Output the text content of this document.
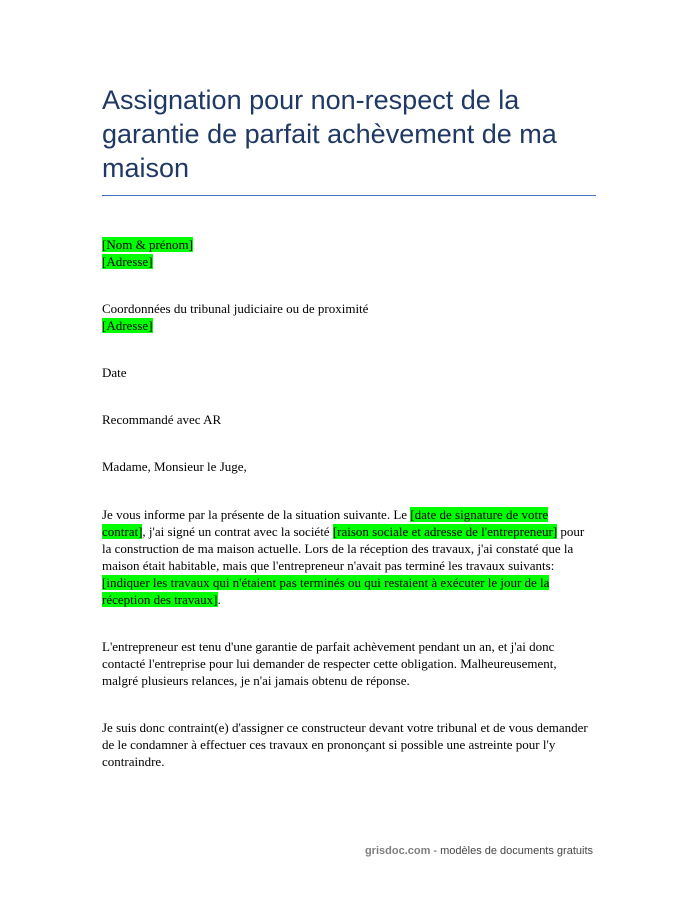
Assignation pour non-respect de la garantie de parfait achèvement de ma maison

[Nom & prénom]

[Adresse]

Coordonnées du tribunal judiciaire ou de proximité

[Adresse]

Date
Recommandé avec AR
Madame, Monsieur le Juge,
Je vous informe par la présente de la situation suivante. Le [date de signature de votre contrat], j'ai signé un contrat avec la société [raison sociale et adresse de l'entrepreneur] pour la construction de ma maison actuelle. Lors de la réception des travaux, j'ai constaté que la maison était habitable, mais que l'entrepreneur n'avait pas terminé les travaux suivants: [indiquer les travaux qui n'étaient pas terminés ou qui restaient à exécuter le jour de la réception des travaux].
L'entrepreneur est tenu d'une garantie de parfait achèvement pendant un an, et j'ai donc contacté l'entreprise pour lui demander de respecter cette obligation. Malheureusement, malgré plusieurs relances, je n'ai jamais obtenu de réponse.
Je suis donc contraint(e) d'assigner ce constructeur devant votre tribunal et de vous demander de le condamner à effectuer ces travaux en prononçant si possible une astreinte pour l'y contraindre.
grisdoc.com - modèles de documents gratuits
